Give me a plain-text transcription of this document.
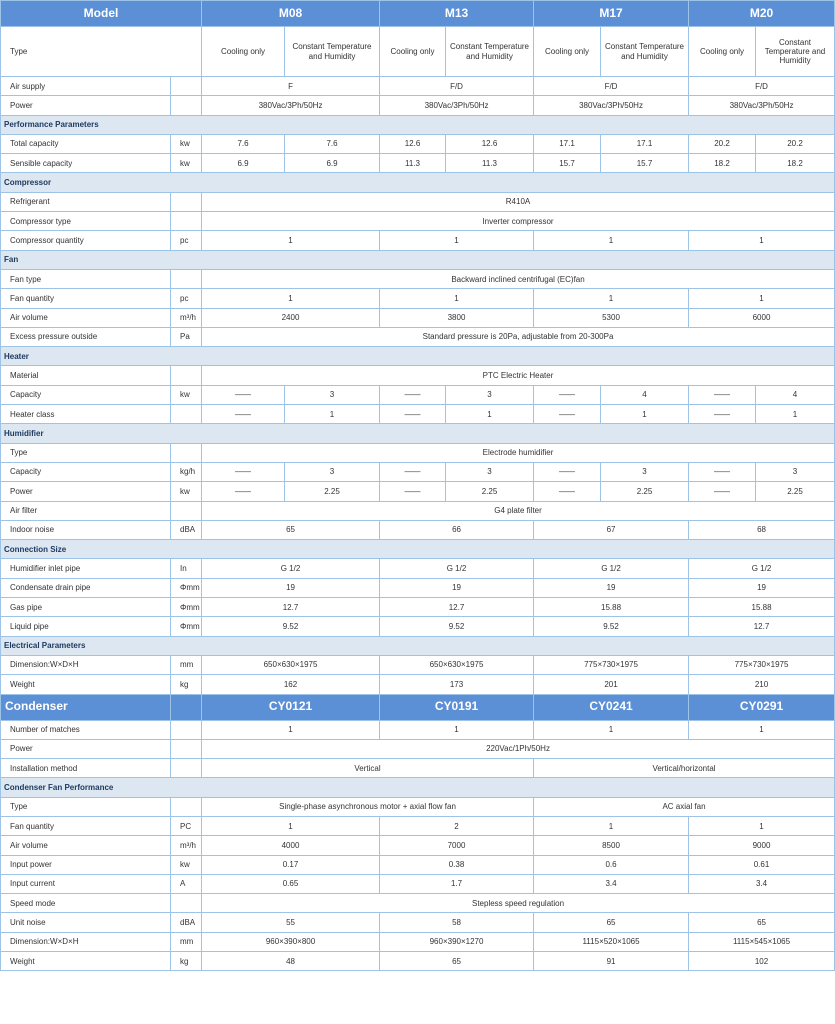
Model		M08		M13		M17		M20	
Type		Cooling only	Constant Temperature and Humidity	Cooling only	Constant Temperature and Humidity	Cooling only	Constant Temperature and Humidity	Cooling only	Constant Temperature and Humidity
Air supply		F		F/D		F/D		F/D	
Power		380Vac/3Ph/50Hz		380Vac/3Ph/50Hz		380Vac/3Ph/50Hz		380Vac/3Ph/50Hz	
Performance Parameters									
Total capacity	kw	7.6	7.6	12.6	12.6	17.1	17.1	20.2	20.2
Sensible capacity	kw	6.9	6.9	11.3	11.3	15.7	15.7	18.2	18.2
Compressor									
Refrigerant		R410A							
Compressor type		Inverter compressor							
Compressor quantity	pc	1		1		1		1	
Fan									
Fan type		Backward inclined centrifugal (EC)fan							
Fan quantity	pc	1		1		1		1	
Air volume	m³/h	2400		3800		5300		6000	
Excess pressure outside	Pa	Standard pressure is 20Pa, adjustable from 20-300Pa							
Heater									
Material		PTC Electric Heater							
Capacity	kw	——	3	——	3	——	4	——	4
Heater class		——	1	——	1	——	1	——	1
Humidifier									
Type		Electrode humidifier							
Capacity	kg/h	——	3	——	3	——	3	——	3
Power	kw	——	2.25	——	2.25	——	2.25	——	2.25
Air filter		G4 plate filter							
Indoor noise	dBA	65		66		67		68	
Connection Size									
Humidifier inlet pipe	In	G 1/2		G 1/2		G 1/2		G 1/2	
Condensate drain pipe	Φmm	19		19		19		19	
Gas pipe	Φmm	12.7		12.7		15.88		15.88	
Liquid pipe	Φmm	9.52		9.52		9.52		12.7	
Electrical Parameters									
Dimension:W×D×H	mm	650×630×1975		650×630×1975		775×730×1975		775×730×1975	
Weight	kg	162		173		201		210	
Condenser		CY0121		CY0191		CY0241		CY0291	
Number of matches		1		1		1		1	
Power		220Vac/1Ph/50Hz							
Installation method		Vertical				Vertical/horizontal			
Condenser Fan Performance									
Type		Single-phase asynchronous motor + axial flow fan				AC axial fan			
Fan quantity	PC	1		2		1		1	
Air volume	m³/h	4000		7000		8500		9000	
Input power	kw	0.17		0.38		0.6		0.61	
Input current	A	0.65		1.7		3.4		3.4	
Speed mode		Stepless speed regulation							
Unit noise	dBA	55		58		65		65	
Dimension:W×D×H	mm	960×390×800		960×390×1270		1115×520×1065		1115×545×1065	
Weight	kg	48		65		91		102	
